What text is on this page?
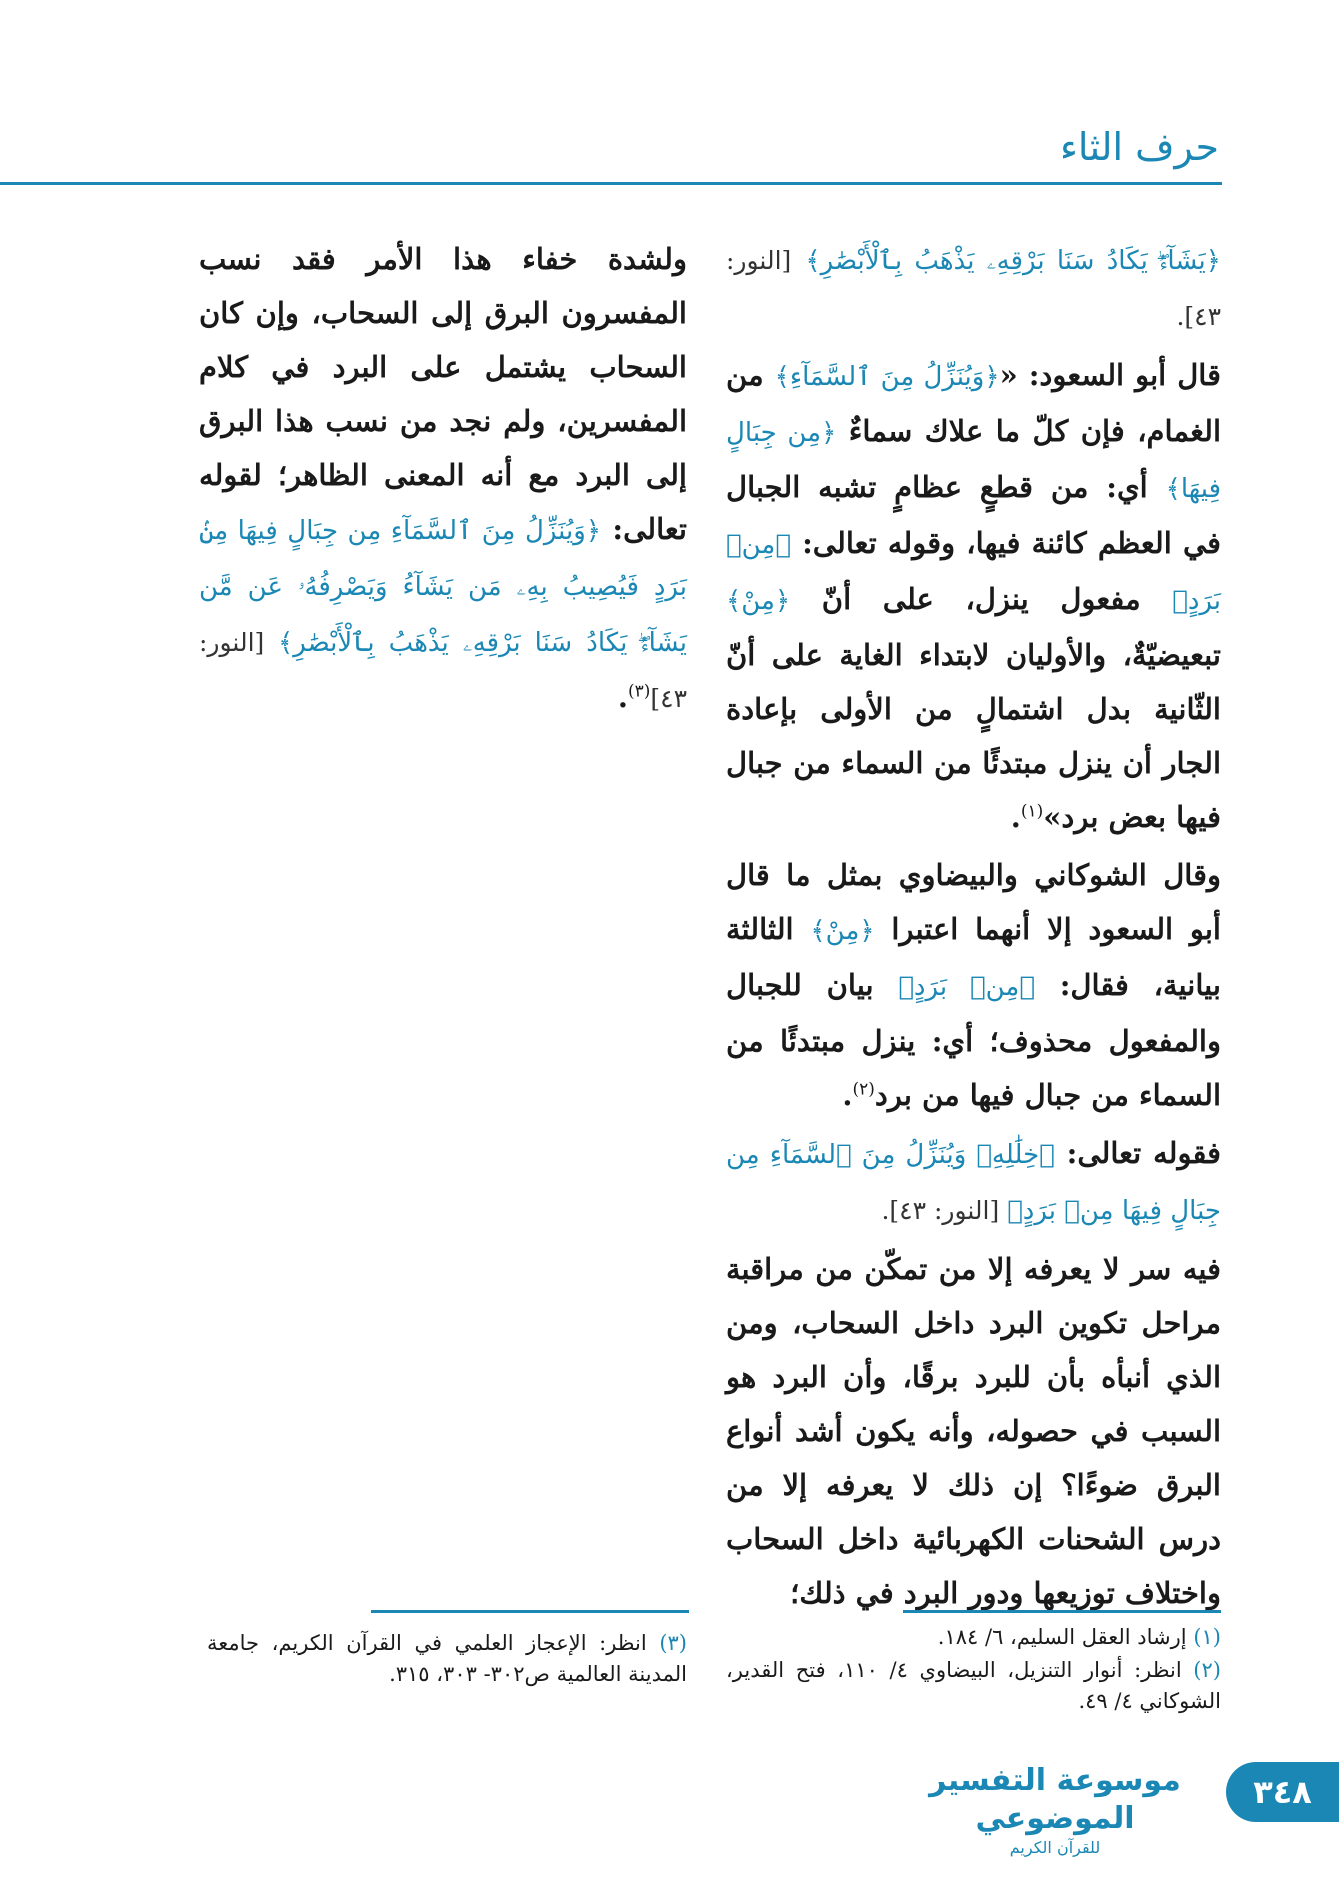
حرف الثاء

﴿يَشَآءُۖ يَكَادُ سَنَا بَرْقِهِۦ يَذْهَبُ بِٱلْأَبْصَٰرِ﴾ [النور: ٤٣].

قال أبو السعود: «﴿وَيُنَزِّلُ مِنَ ٱلسَّمَآءِ﴾ من الغمام، فإن كلّ ما علاك سماءٌ ﴿مِن جِبَالٍ فِيهَا﴾ أي: من قطعٍ عظامٍ تشبه الجبال في العظم كائنة فيها، وقوله تعالى: ﴿مِنۢ بَرَدٍ﴾ مفعول ينزل، على أنّ ﴿مِنْ﴾ تبعيضيّةٌ، والأوليان لابتداء الغاية على أنّ الثّانية بدل اشتمالٍ من الأولى بإعادة الجار أن ينزل مبتدئًا من السماء من جبال فيها بعض برد»$^{(١)}$.

وقال الشوكاني والبيضاوي بمثل ما قال أبو السعود إلا أنهما اعتبرا ﴿مِنْ﴾ الثالثة بيانية، فقال: ﴿مِنۢ بَرَدٍ﴾ بيان للجبال والمفعول محذوف؛ أي: ينزل مبتدئًا من السماء من جبال فيها من برد$^{(٢)}$.

فقوله تعالى: ﴿خِلَٰلِهِۦ وَيُنَزِّلُ مِنَ ٱلسَّمَآءِ مِن جِبَالٍ فِيهَا مِنۢ بَرَدٍ﴾ [النور: ٤٣].

فيه سر لا يعرفه إلا من تمكّن من مراقبة مراحل تكوين البرد داخل السحاب، ومن الذي أنبأه بأن للبرد برقًا، وأن البرد هو السبب في حصوله، وأنه يكون أشد أنواع البرق ضوءًا؟ إن ذلك لا يعرفه إلا من درس الشحنات الكهربائية داخل السحاب واختلاف توزيعها ودور البرد في ذلك؛

ولشدة خفاء هذا الأمر فقد نسب المفسرون البرق إلى السحاب، وإن كان السحاب يشتمل على البرد في كلام المفسرين، ولم نجد من نسب هذا البرق إلى البرد مع أنه المعنى الظاهر؛ لقوله تعالى: ﴿وَيُنَزِّلُ مِنَ ٱلسَّمَآءِ مِن جِبَالٍ فِيهَا مِنۢ بَرَدٍ فَيُصِيبُ بِهِۦ مَن يَشَآءُ وَيَصْرِفُهُۥ عَن مَّن يَشَآءُۖ يَكَادُ سَنَا بَرْقِهِۦ يَذْهَبُ بِٱلْأَبْصَٰرِ﴾ [النور: ٤٣]$^{(٣)}$.

(١) إرشاد العقل السليم، ٦/ ١٨٤.

(٢) انظر: أنوار التنزيل، البيضاوي ٤/ ١١٠، فتح القدير، الشوكاني ٤/ ٤٩.

(٣) انظر: الإعجاز العلمي في القرآن الكريم، جامعة المدينة العالمية ص٣٠٢- ٣٠٣، ٣١٥.

٣٤٨
موسوعة التفسير الموضوعي
للقرآن الكريم
